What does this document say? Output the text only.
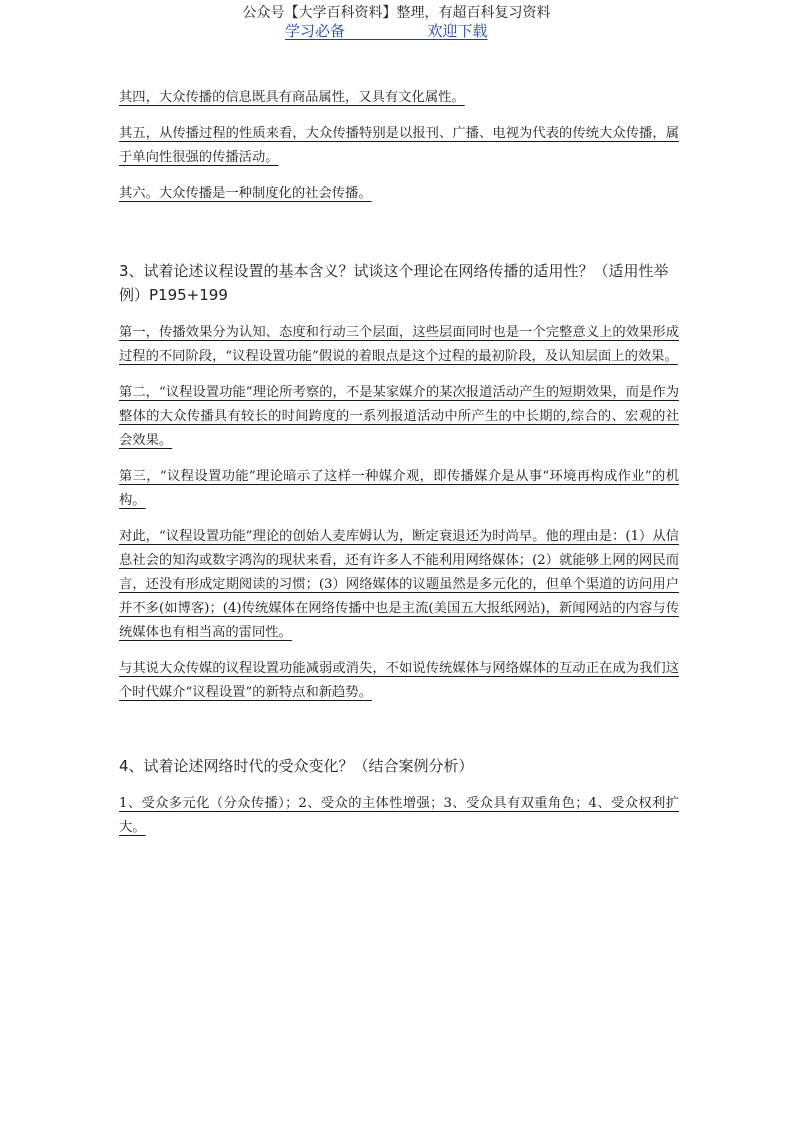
公众号【大学百科资料】整理，有超百科复习资料
学习必备___________欢迎下载

其四，大众传播的信息既具有商品属性，又具有文化属性。

其五，从传播过程的性质来看，大众传播特别是以报刊、广播、电视为代表的传统大众传播，属于单向性很强的传播活动。

其六。大众传播是一种制度化的社会传播。

3、试着论述议程设置的基本含义？试谈这个理论在网络传播的适用性？（适用性举例）P195+199

第一，传播效果分为认知、态度和行动三个层面，这些层面同时也是一个完整意义上的效果形成过程的不同阶段，“议程设置功能”假说的着眼点是这个过程的最初阶段，及认知层面上的效果。

第二，“议程设置功能”理论所考察的，不是某家媒介的某次报道活动产生的短期效果，而是作为整体的大众传播具有较长的时间跨度的一系列报道活动中所产生的中长期的,综合的、宏观的社会效果。

第三，“议程设置功能”理论暗示了这样一种媒介观，即传播媒介是从事“环境再构成作业”的机构。

对此，“议程设置功能”理论的创始人麦库姆认为，断定衰退还为时尚早。他的理由是：(1）从信息社会的知沟或数字鸿沟的现状来看，还有许多人不能利用网络媒体；(2）就能够上网的网民而言，还没有形成定期阅读的习惯；(3）网络媒体的议题虽然是多元化的，但单个渠道的访问用户并不多(如博客)；(4)传统媒体在网络传播中也是主流(美国五大报纸网站)，新闻网站的内容与传统媒体也有相当高的雷同性。

与其说大众传媒的议程设置功能减弱或消失，不如说传统媒体与网络媒体的互动正在成为我们这个时代媒介“议程设置”的新特点和新趋势。

4、试着论述网络时代的受众变化？（结合案例分析）

1、受众多元化（分众传播）；2、受众的主体性增强；3、受众具有双重角色；4、受众权利扩大。
